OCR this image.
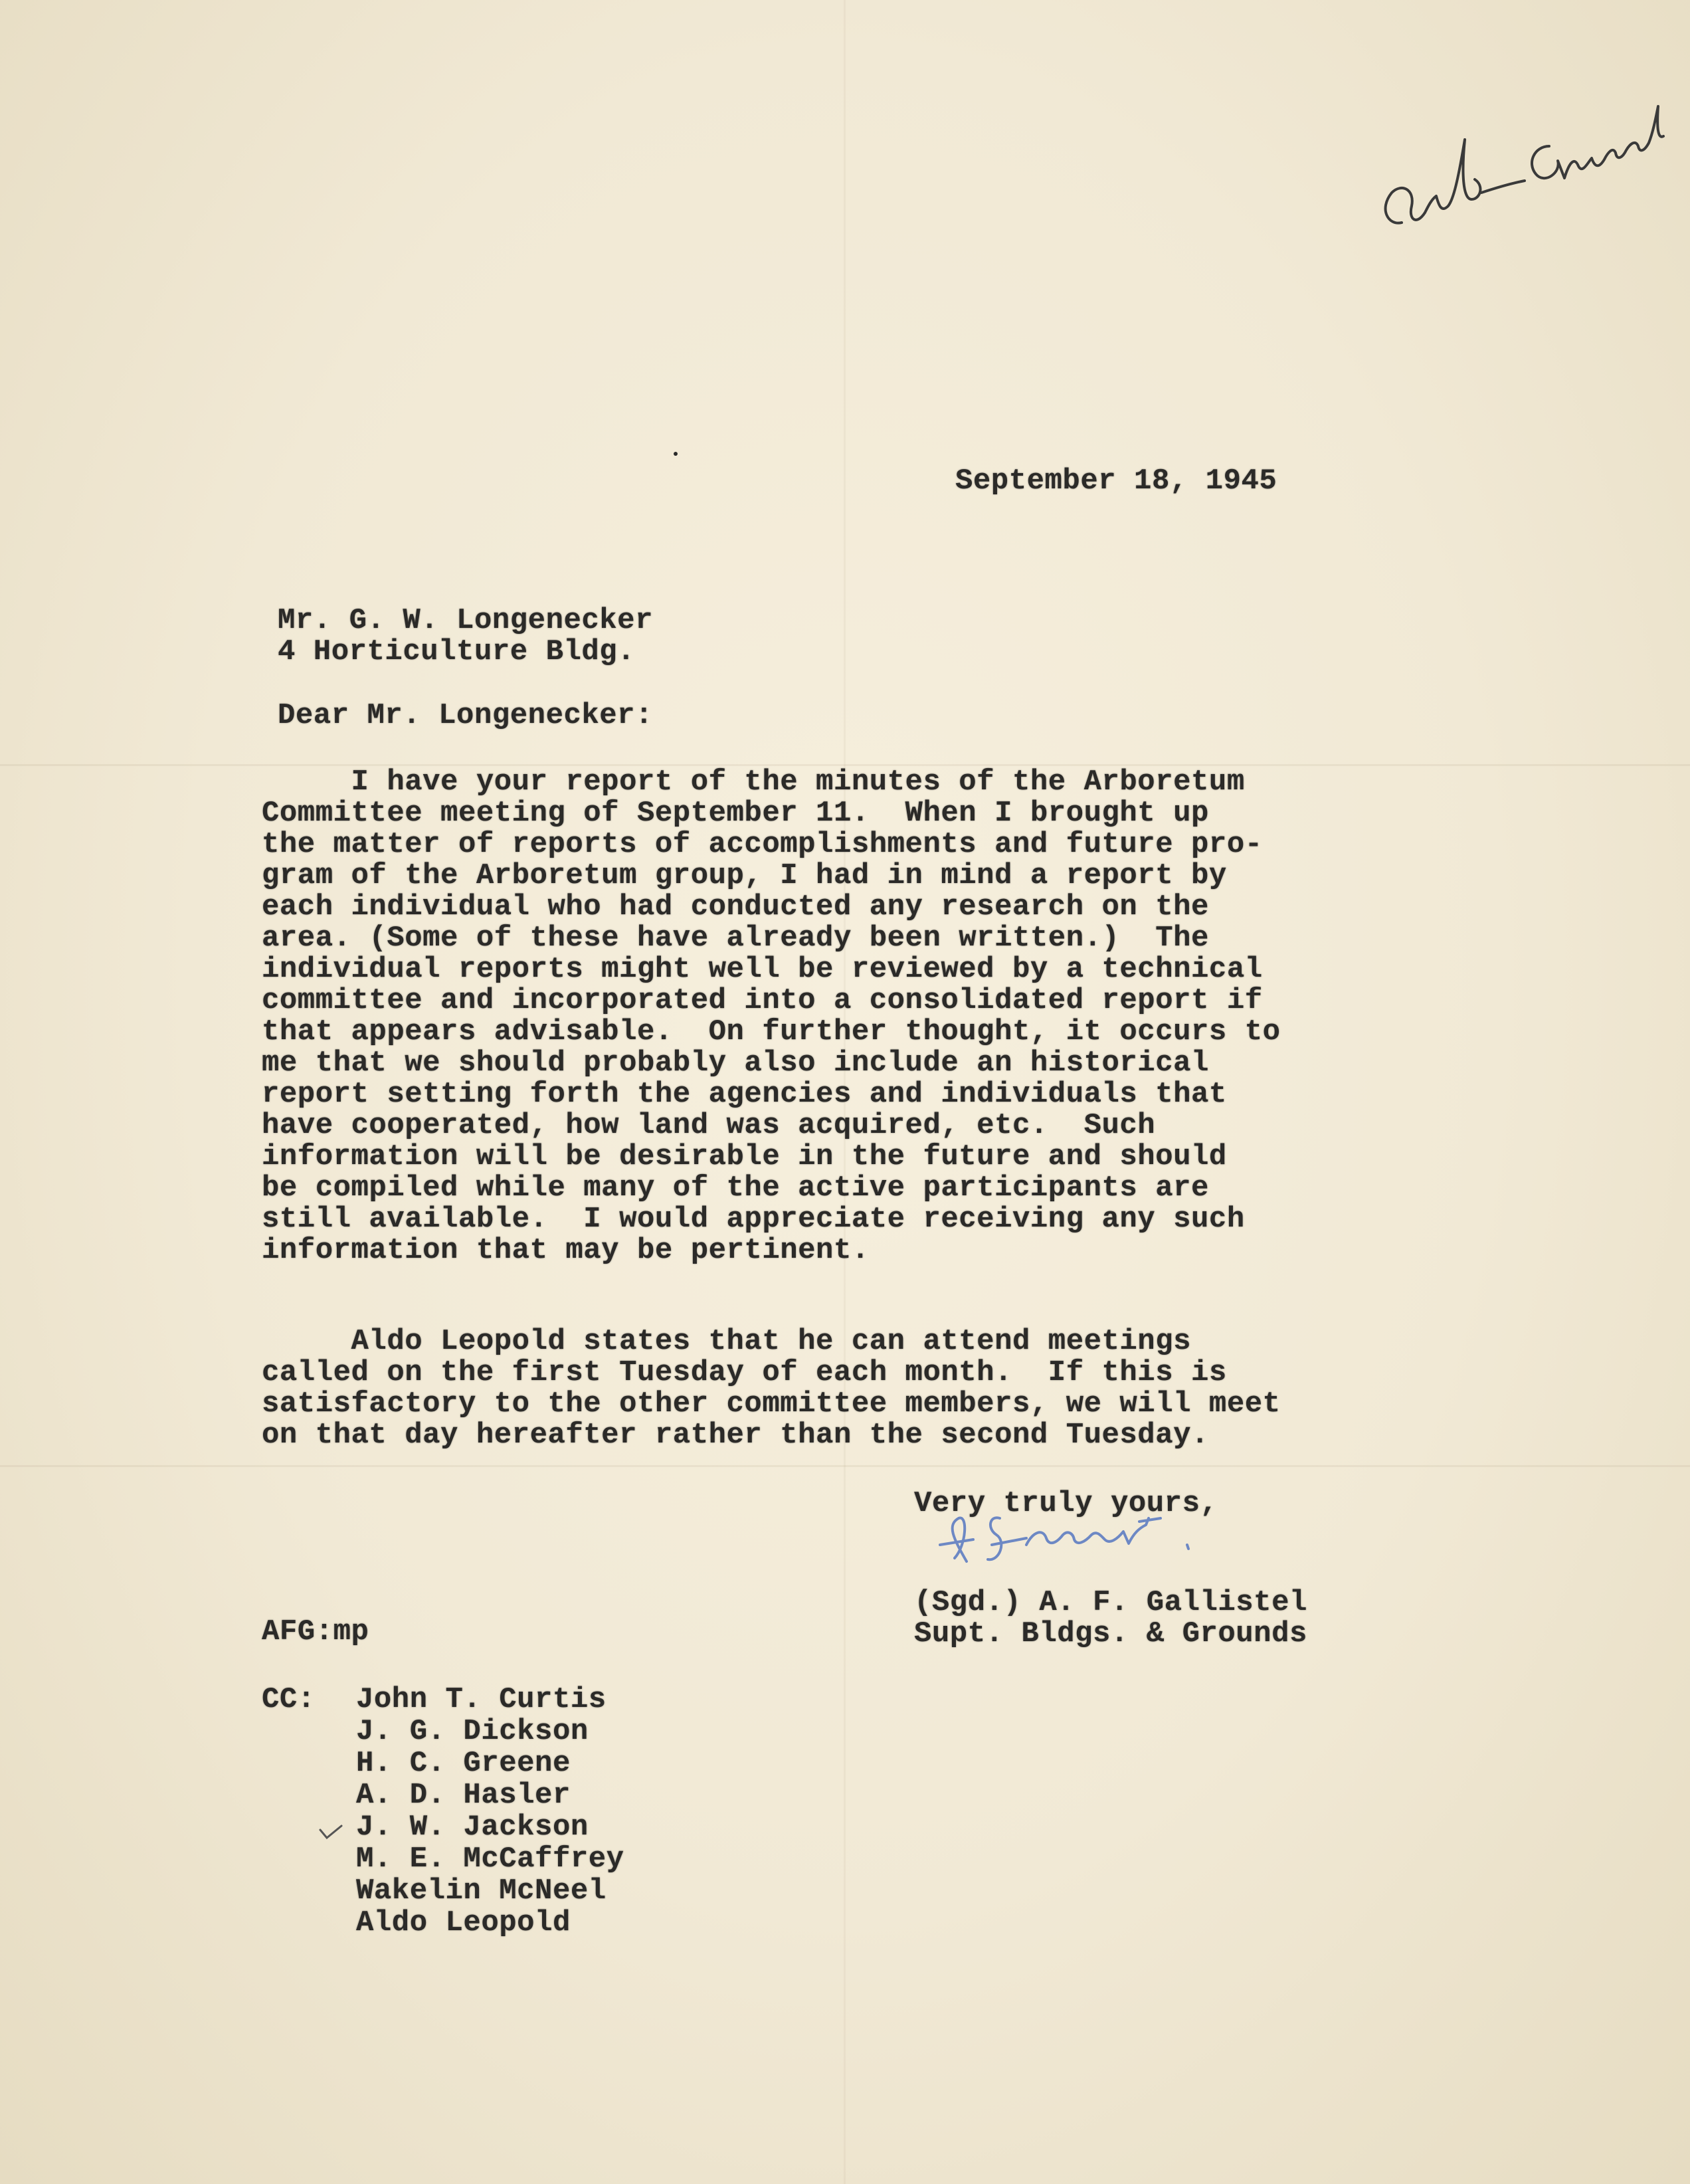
September 18, 1945
Mr. G. W. Longenecker
4 Horticulture Bldg.
Dear Mr. Longenecker:
I have your report of the minutes of the Arboretum
Committee meeting of September 11.  When I brought up
the matter of reports of accomplishments and future pro-
gram of the Arboretum group, I had in mind a report by
each individual who had conducted any research on the
area. (Some of these have already been written.)  The
individual reports might well be reviewed by a technical
committee and incorporated into a consolidated report if
that appears advisable.  On further thought, it occurs to
me that we should probably also include an historical
report setting forth the agencies and individuals that
have cooperated, how land was acquired, etc.  Such
information will be desirable in the future and should
be compiled while many of the active participants are
still available.  I would appreciate receiving any such
information that may be pertinent.
Aldo Leopold states that he can attend meetings
called on the first Tuesday of each month.  If this is
satisfactory to the other committee members, we will meet
on that day hereafter rather than the second Tuesday.
Very truly yours,
(Sgd.) A. F. Gallistel
Supt. Bldgs. & Grounds
AFG:mp
CC: John T. Curtis
J. G. Dickson
H. C. Greene
A. D. Hasler
J. W. Jackson
M. E. McCaffrey
Wakelin McNeel
Aldo Leopold
